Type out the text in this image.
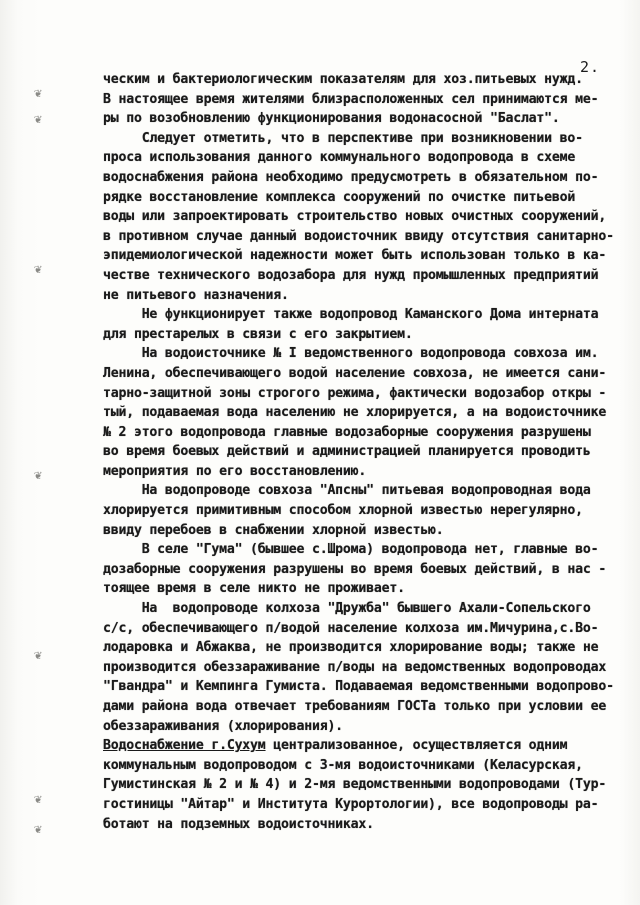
❦
❦
❦
❦
❦
❦
❦
2.
ческим и бактериологическим показателям для хоз.питьевых нужд.
В настоящее время жителями близрасположенных сел принимаются ме-
ры по возобновлению функционирования водонасосной "Баслат".
Следует отметить, что в перспективе при возникновении во-
проса использования данного коммунального водопровода в схеме
водоснабжения района необходимо предусмотреть в обязательном по-
рядке восстановление комплекса сооружений по очистке питьевой
воды или запроектировать строительство новых очистных сооружений,
в противном случае данный водоисточник ввиду отсутствия санитарно-
эпидемиологической надежности может быть использован только в ка-
честве технического водозабора для нужд промышленных предприятий
не питьевого назначения.
Не функционирует также водопровод Каманского Дома интерната
для престарелых в связи с его закрытием.
На водоисточнике № I ведомственного водопровода совхоза им.
Ленина, обеспечивающего водой население совхоза, не имеется сани-
тарно-защитной зоны строгого режима, фактически водозабор откры -
тый, подаваемая вода населению не хлорируется, а на водоисточнике
№ 2 этого водопровода главные водозаборные сооружения разрушены
во время боевых действий и администрацией планируется проводить
мероприятия по его восстановлению.
На водопроводе совхоза "Апсны" питьевая водопроводная вода
хлорируется примитивным способом хлорной известью нерегулярно,
ввиду перебоев в снабжении хлорной известью.
В селе "Гума" (бывшее с.Шрома) водопровода нет, главные во-
дозаборные сооружения разрушены во время боевых действий, в нас -
тоящее время в селе никто не проживает.
На  водопроводе колхоза "Дружба" бывшего Ахали-Сопельского
с/с, обеспечивающего п/водой население колхоза им.Мичурина,с.Во-
лодаровка и Абжаква, не производится хлорирование воды; также не
производится обеззараживание п/воды на ведомственных водопроводах
"Гвандра" и Кемпинга Гумиста. Подаваемая ведомственными водопрово-
дами района вода отвечает требованиям ГОСТа только при условии ее
обеззараживания (хлорирования).
Водоснабжение г.Сухум централизованное, осуществляется одним
коммунальным водопроводом с 3-мя водоисточниками (Келасурская,
Гумистинская № 2 и № 4) и 2-мя ведомственными водопроводами (Тур-
гостиницы "Айтар" и Института Курортологии), все водопроводы ра-
ботают на подземных водоисточниках.
